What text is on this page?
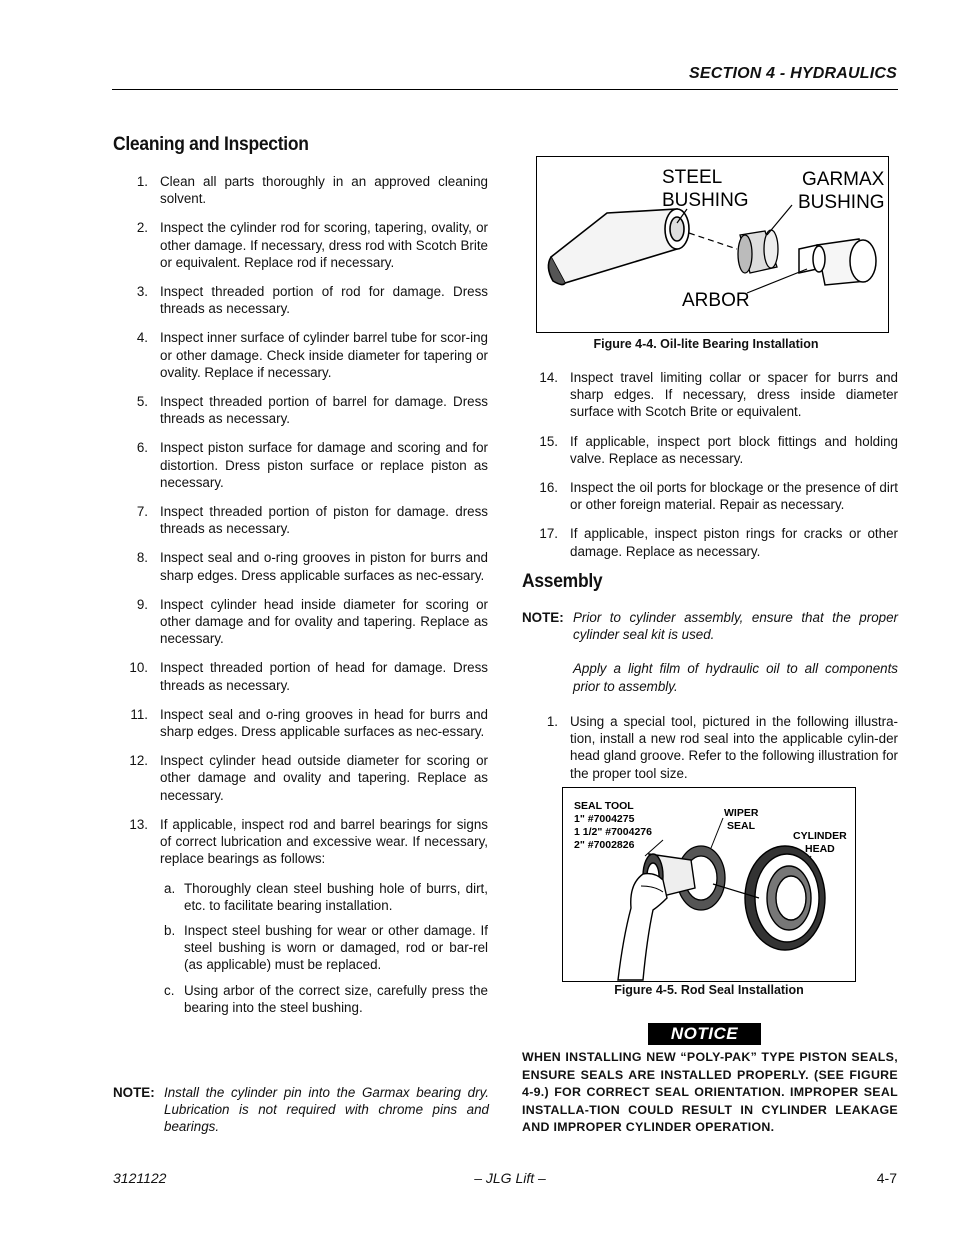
SECTION 4 - HYDRAULICS
Cleaning and Inspection
1. Clean all parts thoroughly in an approved cleaning solvent.
2. Inspect the cylinder rod for scoring, tapering, ovality, or other damage. If necessary, dress rod with Scotch Brite or equivalent. Replace rod if necessary.
3. Inspect threaded portion of rod for damage. Dress threads as necessary.
4. Inspect inner surface of cylinder barrel tube for scor-ing or other damage. Check inside diameter for tapering or ovality. Replace if necessary.
5. Inspect threaded portion of barrel for damage. Dress threads as necessary.
6. Inspect piston surface for damage and scoring and for distortion. Dress piston surface or replace piston as necessary.
7. Inspect threaded portion of piston for damage. dress threads as necessary.
8. Inspect seal and o-ring grooves in piston for burrs and sharp edges. Dress applicable surfaces as nec-essary.
9. Inspect cylinder head inside diameter for scoring or other damage and for ovality and tapering. Replace as necessary.
10. Inspect threaded portion of head for damage. Dress threads as necessary.
11. Inspect seal and o-ring grooves in head for burrs and sharp edges. Dress applicable surfaces as nec-essary.
12. Inspect cylinder head outside diameter for scoring or other damage and ovality and tapering. Replace as necessary.
13. If applicable, inspect rod and barrel bearings for signs of correct lubrication and excessive wear. If necessary, replace bearings as follows:
a. Thoroughly clean steel bushing hole of burrs, dirt, etc. to facilitate bearing installation.
b. Inspect steel bushing for wear or other damage. If steel bushing is worn or damaged, rod or bar-rel (as applicable) must be replaced.
c. Using arbor of the correct size, carefully press the bearing into the steel bushing.
NOTE: Install the cylinder pin into the Garmax bearing dry. Lubrication is not required with chrome pins and bearings.
STEEL
BUSHING
GARMAX
BUSHING
ARBOR
Figure 4-4. Oil-lite Bearing Installation
14. Inspect travel limiting collar or spacer for burrs and sharp edges. If necessary, dress inside diameter surface with Scotch Brite or equivalent.
15. If applicable, inspect port block fittings and holding valve. Replace as necessary.
16. Inspect the oil ports for blockage or the presence of dirt or other foreign material. Repair as necessary.
17. If applicable, inspect piston rings for cracks or other damage. Replace as necessary.
Assembly
NOTE: Prior to cylinder assembly, ensure that the proper cylinder seal kit is used.
Apply a light film of hydraulic oil to all components prior to assembly.
1. Using a special tool, pictured in the following illustra-tion, install a new rod seal into the applicable cylin-der head gland groove. Refer to the following illustration for the proper tool size.
SEAL TOOL
1" #7004275
1 1/2" #7004276
2" #7002826
WIPER
SEAL
CYLINDER
HEAD
Figure 4-5. Rod Seal Installation
NOTICE
WHEN INSTALLING NEW “POLY-PAK” TYPE PISTON SEALS, ENSURE SEALS ARE INSTALLED PROPERLY. (SEE FIGURE 4-9.) FOR CORRECT SEAL ORIENTATION. IMPROPER SEAL INSTALLA-TION COULD RESULT IN CYLINDER LEAKAGE AND IMPROPER CYLINDER OPERATION.
3121122	– JLG Lift –	4-7
